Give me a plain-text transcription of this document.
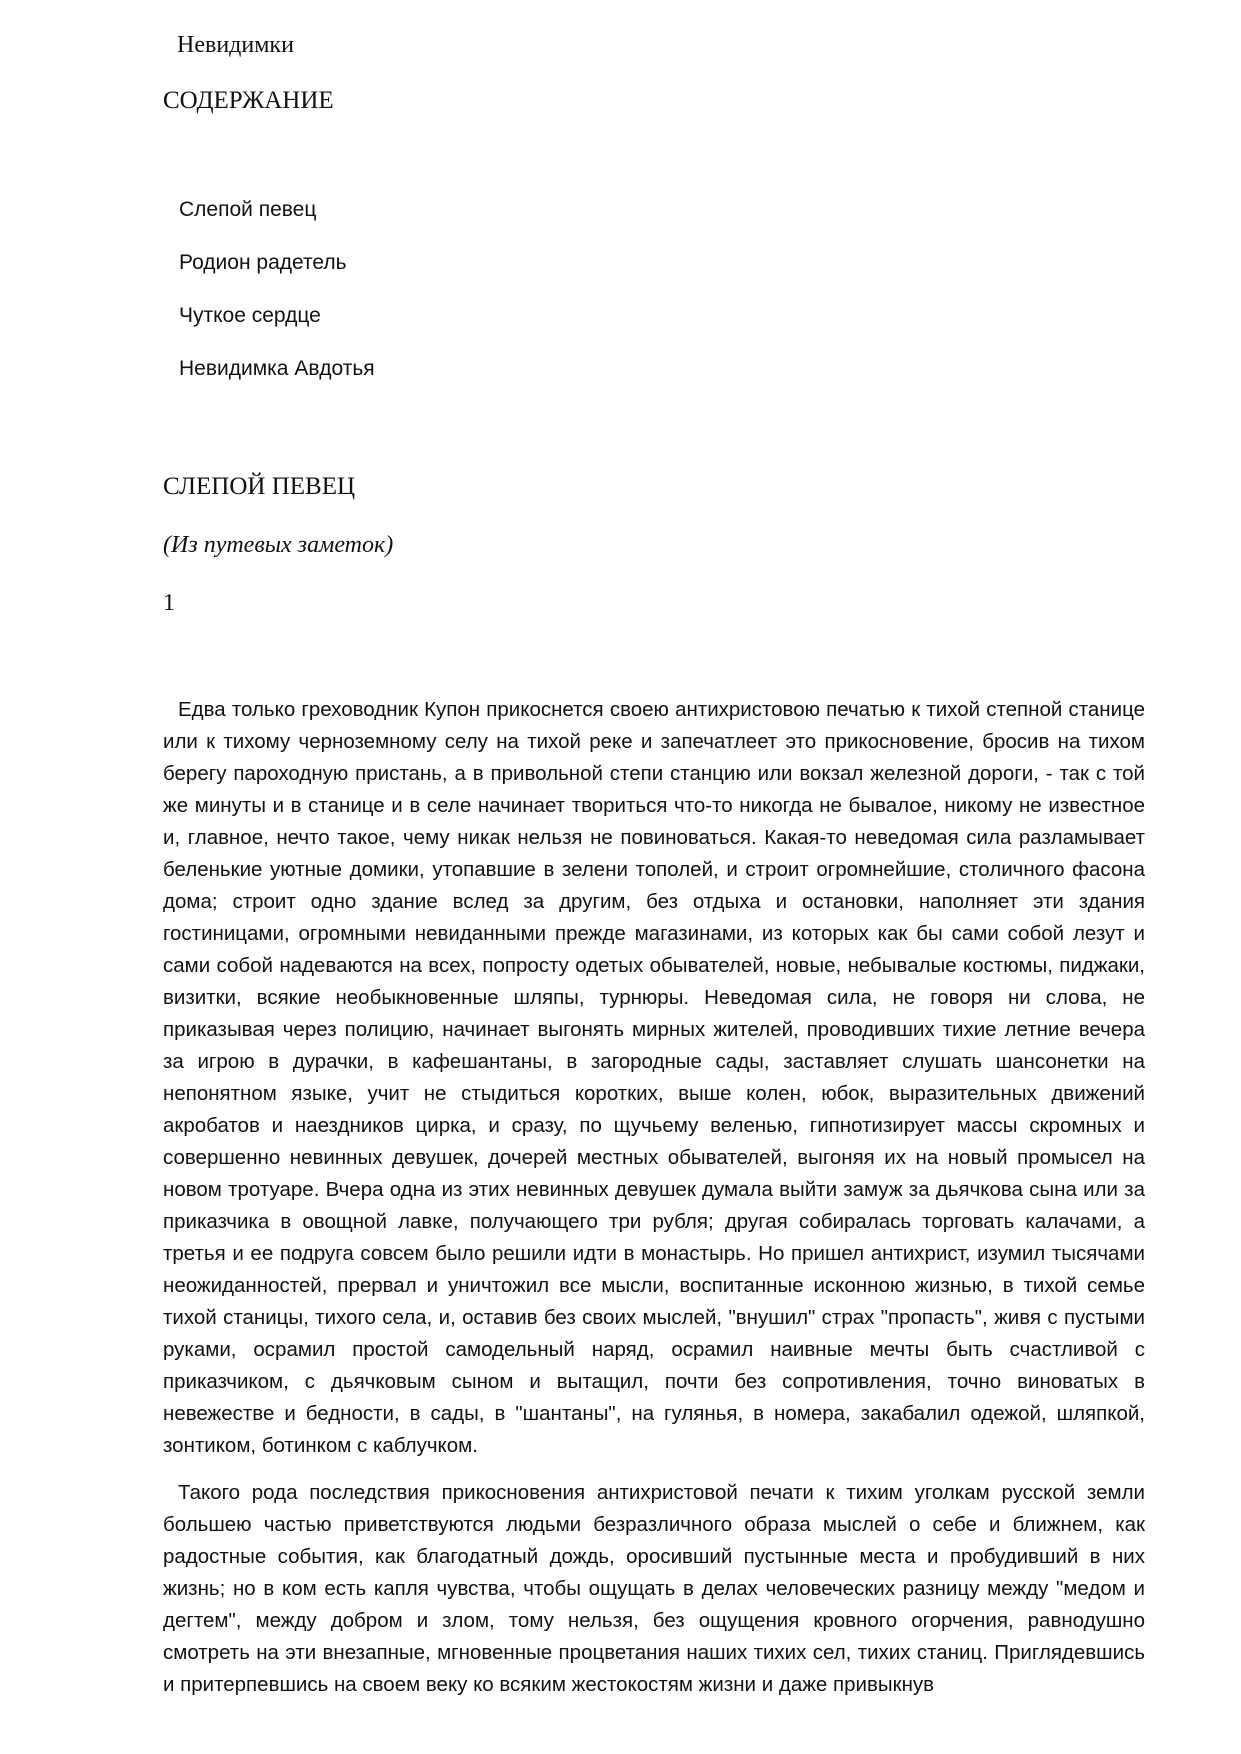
Невидимки
СОДЕРЖАНИЕ
Слепой певец
Родион радетель
Чуткое сердце
Невидимка Авдотья
СЛЕПОЙ ПЕВЕЦ

(Из путевых заметок)

1

Едва только греховодник Купон прикоснется своею антихристовою печатью к тихой степной станице или к тихому черноземному селу на тихой реке и запечатлеет это прикосновение, бросив на тихом берегу пароходную пристань, а в привольной степи станцию или вокзал железной дороги, - так с той же минуты и в станице и в селе начинает твориться что-то никогда не бывалое, никому не известное и, главное, нечто такое, чему никак нельзя не повиноваться. Какая-то неведомая сила разламывает беленькие уютные домики, утопавшие в зелени тополей, и строит огромнейшие, столичного фасона дома; строит одно здание вслед за другим, без отдыха и остановки, наполняет эти здания гостиницами, огромными невиданными прежде магазинами, из которых как бы сами собой лезут и сами собой надеваются на всех, попросту одетых обывателей, новые, небывалые костюмы, пиджаки, визитки, всякие необыкновенные шляпы, турнюры. Неведомая сила, не говоря ни слова, не приказывая через полицию, начинает выгонять мирных жителей, проводивших тихие летние вечера за игрою в дурачки, в кафешантаны, в загородные сады, заставляет слушать шансонетки на непонятном языке, учит не стыдиться коротких, выше колен, юбок, выразительных движений акробатов и наездников цирка, и сразу, по щучьему веленью, гипнотизирует массы скромных и совершенно невинных девушек, дочерей местных обывателей, выгоняя их на новый промысел на новом тротуаре. Вчера одна из этих невинных девушек думала выйти замуж за дьячкова сына или за приказчика в овощной лавке, получающего три рубля; другая собиралась торговать калачами, а третья и ее подруга совсем было решили идти в монастырь. Но пришел антихрист, изумил тысячами неожиданностей, прервал и уничтожил все мысли, воспитанные исконною жизнью, в тихой семье тихой станицы, тихого села, и, оставив без своих мыслей, "внушил" страх "пропасть", живя с пустыми руками, осрамил простой самодельный наряд, осрамил наивные мечты быть счастливой с приказчиком, с дьячковым сыном и вытащил, почти без сопротивления, точно виноватых в невежестве и бедности, в сады, в "шантаны", на гулянья, в номера, закабалил одежой, шляпкой, зонтиком, ботинком с каблучком.

Такого рода последствия прикосновения антихристовой печати к тихим уголкам русской земли большею частью приветствуются людьми безразличного образа мыслей о себе и ближнем, как радостные события, как благодатный дождь, оросивший пустынные места и пробудивший в них жизнь; но в ком есть капля чувства, чтобы ощущать в делах человеческих разницу между "медом и дегтем", между добром и злом, тому нельзя, без ощущения кровного огорчения, равнодушно смотреть на эти внезапные, мгновенные процветания наших тихих сел, тихих станиц. Приглядевшись и притерпевшись на своем веку ко всяким жестокостям жизни и даже привыкнув
